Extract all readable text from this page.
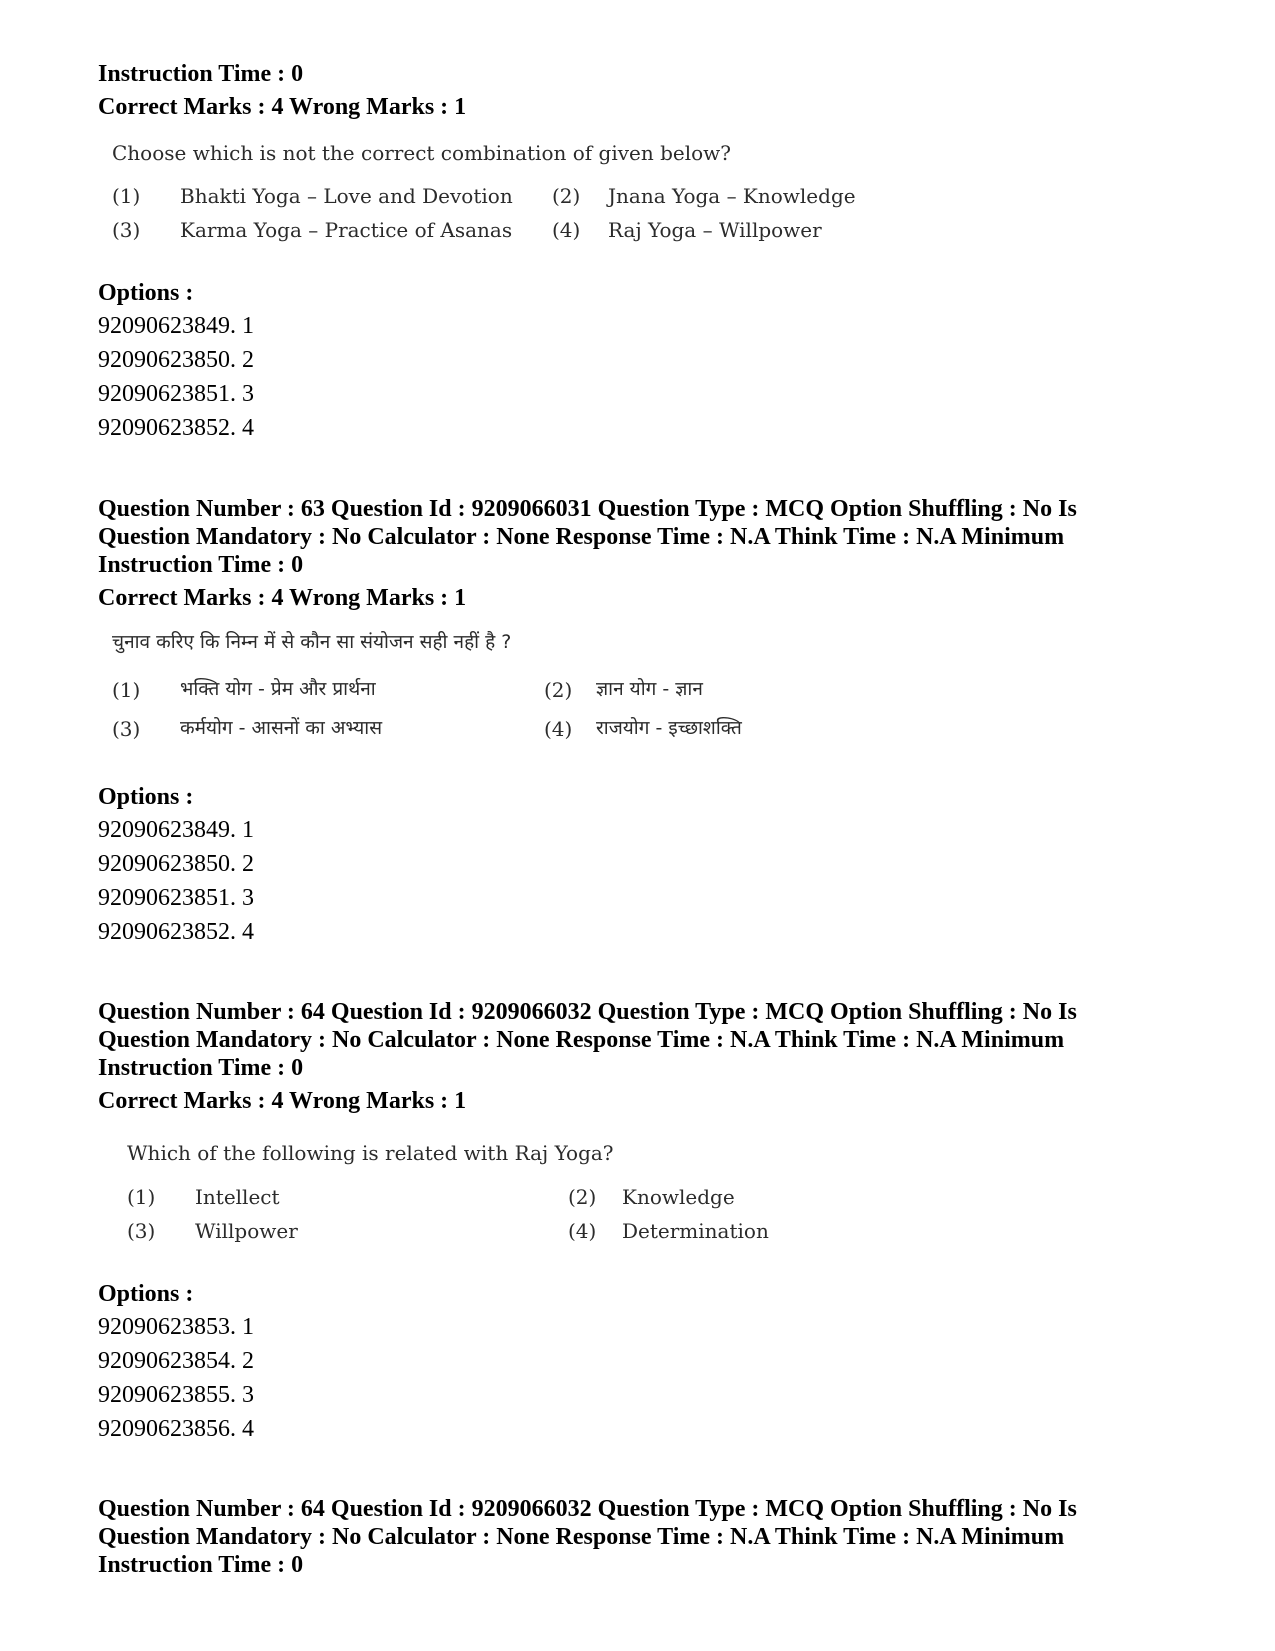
Instruction Time : 0
Correct Marks : 4 Wrong Marks : 1
Choose which is not the correct combination of given below?
(1) Bhakti Yoga – Love and Devotion (2) Jnana Yoga – Knowledge
(3) Karma Yoga – Practice of Asanas (4) Raj Yoga – Willpower
Options :
92090623849. 1
92090623850. 2
92090623851. 3
92090623852. 4
Question Number : 63 Question Id : 9209066031 Question Type : MCQ Option Shuffling : No Is
Question Mandatory : No Calculator : None Response Time : N.A Think Time : N.A Minimum
Instruction Time : 0
Correct Marks : 4 Wrong Marks : 1
चुनाव करिए कि निम्न में से कौन सा संयोजन सही नहीं है ?
(1) भक्ति योग - प्रेम और प्रार्थना	(2) ज्ञान योग - ज्ञान
(3) कर्मयोग - आसनों का अभ्यास	(4) राजयोग - इच्छाशक्ति
Options :
92090623849. 1
92090623850. 2
92090623851. 3
92090623852. 4
Question Number : 64 Question Id : 9209066032 Question Type : MCQ Option Shuffling : No Is
Question Mandatory : No Calculator : None Response Time : N.A Think Time : N.A Minimum
Instruction Time : 0
Correct Marks : 4 Wrong Marks : 1
Which of the following is related with Raj Yoga?
(1) Intellect	(2) Knowledge
(3) Willpower	(4) Determination
Options :
92090623853. 1
92090623854. 2
92090623855. 3
92090623856. 4
Question Number : 64 Question Id : 9209066032 Question Type : MCQ Option Shuffling : No Is
Question Mandatory : No Calculator : None Response Time : N.A Think Time : N.A Minimum
Instruction Time : 0
